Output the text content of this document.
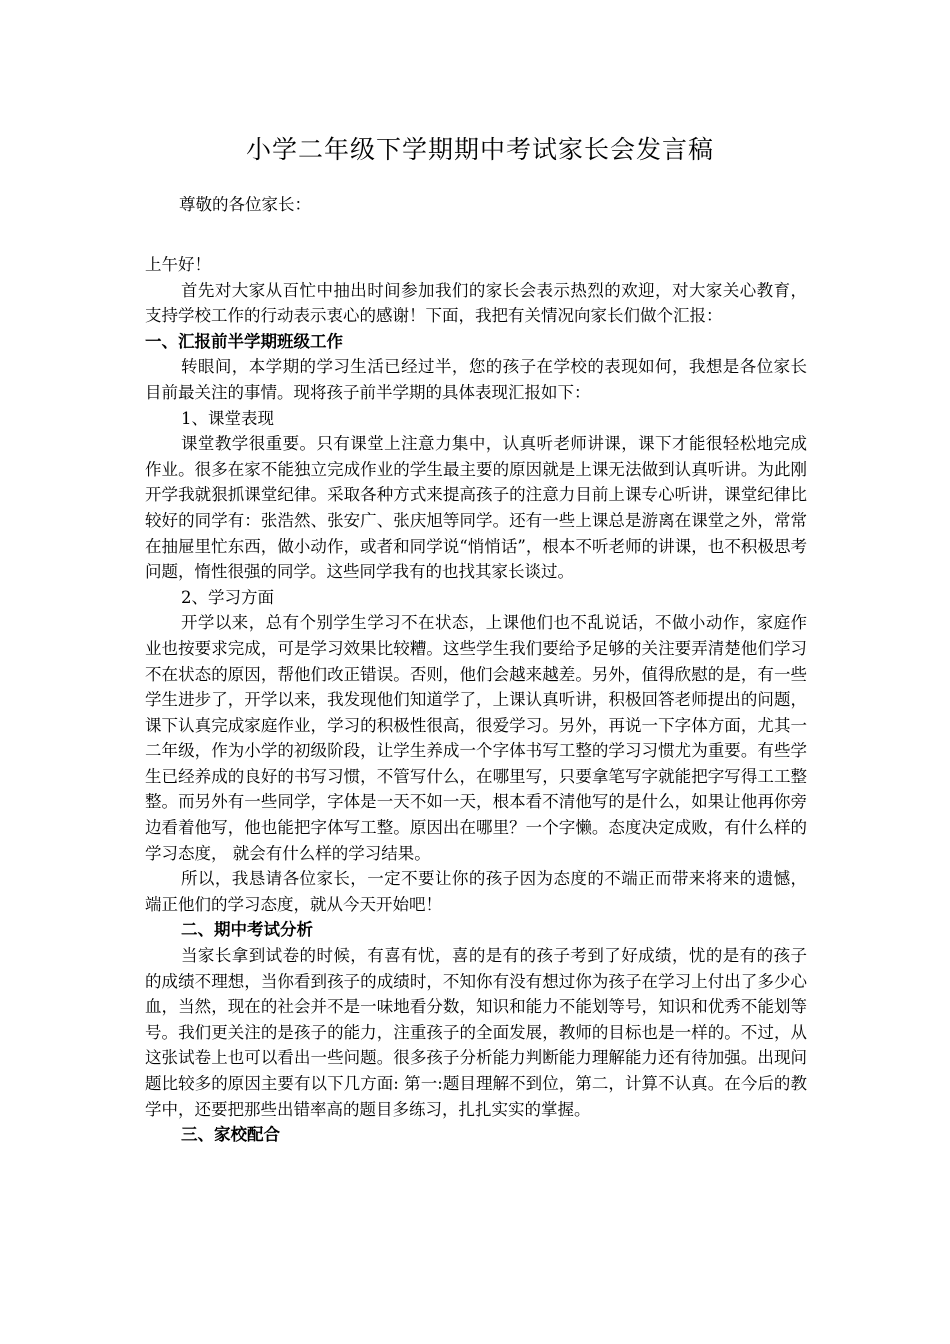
小学二年级下学期期中考试家长会发言稿

尊敬的各位家长：

上午好！

首先对大家从百忙中抽出时间参加我们的家长会表示热烈的欢迎，对大家关心教育，支持学校工作的行动表示衷心的感谢！下面，我把有关情况向家长们做个汇报：

一、汇报前半学期班级工作

转眼间，本学期的学习生活已经过半，您的孩子在学校的表现如何，我想是各位家长目前最关注的事情。现将孩子前半学期的具体表现汇报如下：

1、课堂表现

课堂教学很重要。只有课堂上注意力集中，认真听老师讲课，课下才能很轻松地完成作业。很多在家不能独立完成作业的学生最主要的原因就是上课无法做到认真听讲。为此刚开学我就狠抓课堂纪律。采取各种方式来提高孩子的注意力目前上课专心听讲，课堂纪律比较好的同学有：张浩然、张安广、张庆旭等同学。还有一些上课总是游离在课堂之外，常常在抽屉里忙东西，做小动作，或者和同学说“悄悄话”，根本不听老师的讲课，也不积极思考问题，惰性很强的同学。这些同学我有的也找其家长谈过。

2、学习方面

开学以来，总有个别学生学习不在状态，上课他们也不乱说话，不做小动作，家庭作业也按要求完成，可是学习效果比较糟。这些学生我们要给予足够的关注要弄清楚他们学习不在状态的原因，帮他们改正错误。否则，他们会越来越差。另外，值得欣慰的是，有一些学生进步了，开学以来，我发现他们知道学了，上课认真听讲，积极回答老师提出的问题，课下认真完成家庭作业，学习的积极性很高，很爱学习。另外，再说一下字体方面，尤其一二年级，作为小学的初级阶段，让学生养成一个字体书写工整的学习习惯尤为重要。有些学生已经养成的良好的书写习惯，不管写什么，在哪里写，只要拿笔写字就能把字写得工工整整。而另外有一些同学，字体是一天不如一天，根本看不清他写的是什么，如果让他再你旁边看着他写，他也能把字体写工整。原因出在哪里？一个字懒。态度决定成败，有什么样的学习态度， 就会有什么样的学习结果。

所以，我恳请各位家长，一定不要让你的孩子因为态度的不端正而带来将来的遗憾，端正他们的学习态度，就从今天开始吧！

二、期中考试分析

当家长拿到试卷的时候，有喜有忧，喜的是有的孩子考到了好成绩，忧的是有的孩子的成绩不理想，当你看到孩子的成绩时，不知你有没有想过你为孩子在学习上付出了多少心血，当然，现在的社会并不是一味地看分数，知识和能力不能划等号，知识和优秀不能划等号。我们更关注的是孩子的能力，注重孩子的全面发展，教师的目标也是一样的。不过，从这张试卷上也可以看出一些问题。很多孩子分析能力判断能力理解能力还有待加强。出现问题比较多的原因主要有以下几方面: 第一:题目理解不到位，第二，计算不认真。在今后的教学中，还要把那些出错率高的题目多练习，扎扎实实的掌握。

三、家校配合
